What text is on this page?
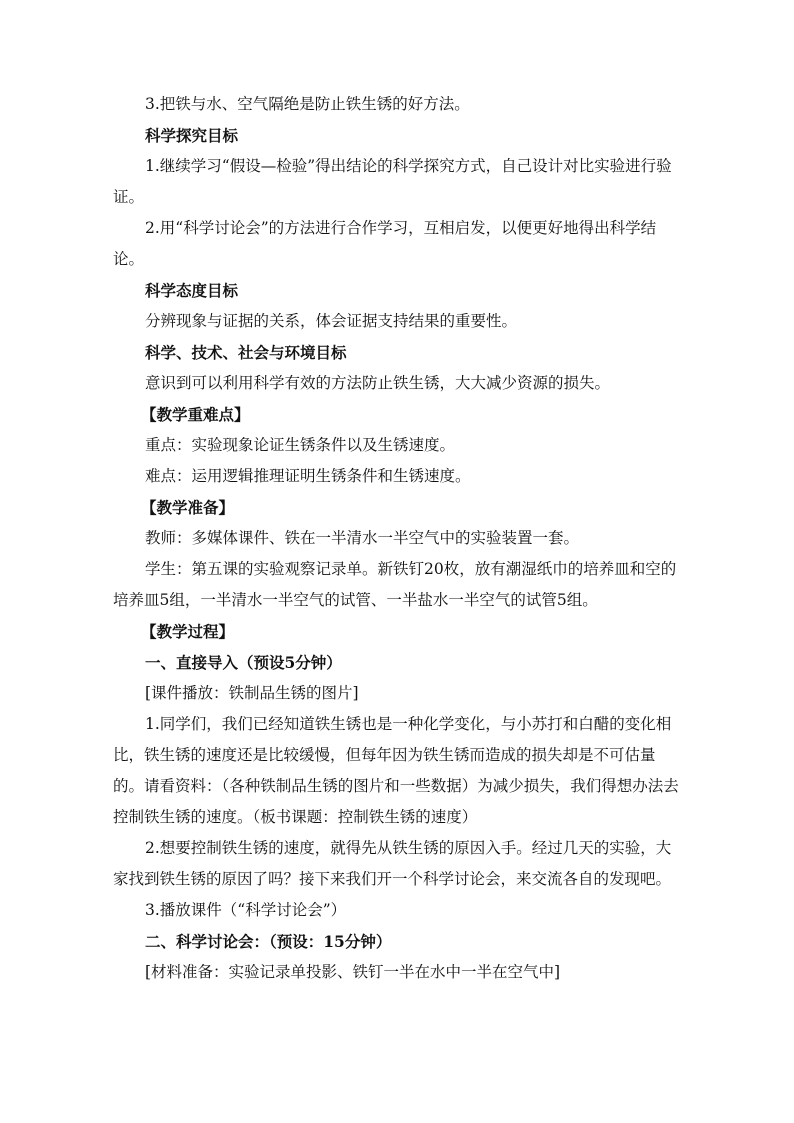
3.把铁与水、空气隔绝是防止铁生锈的好方法。

科学探究目标

1.继续学习“假设—检验”得出结论的科学探究方式，自己设计对比实验进行验证。

2.用“科学讨论会”的方法进行合作学习，互相启发，以便更好地得出科学结论。

科学态度目标

分辨现象与证据的关系，体会证据支持结果的重要性。

科学、技术、社会与环境目标

意识到可以利用科学有效的方法防止铁生锈，大大减少资源的损失。

【教学重难点】

重点：实验现象论证生锈条件以及生锈速度。

难点：运用逻辑推理证明生锈条件和生锈速度。

【教学准备】

教师：多媒体课件、铁在一半清水一半空气中的实验装置一套。

学生：第五课的实验观察记录单。新铁钉20枚，放有潮湿纸巾的培养皿和空的培养皿5组，一半清水一半空气的试管、一半盐水一半空气的试管5组。

【教学过程】

一、直接导入（预设5分钟）

[课件播放：铁制品生锈的图片]

1.同学们，我们已经知道铁生锈也是一种化学变化，与小苏打和白醋的变化相比，铁生锈的速度还是比较缓慢，但每年因为铁生锈而造成的损失却是不可估量的。请看资料：（各种铁制品生锈的图片和一些数据）为减少损失，我们得想办法去控制铁生锈的速度。（板书课题：控制铁生锈的速度）

2.想要控制铁生锈的速度，就得先从铁生锈的原因入手。经过几天的实验，大家找到铁生锈的原因了吗？接下来我们开一个科学讨论会，来交流各自的发现吧。

3.播放课件（“科学讨论会”）

二、科学讨论会：（预设：15分钟）

[材料准备：实验记录单投影、铁钉一半在水中一半在空气中]
